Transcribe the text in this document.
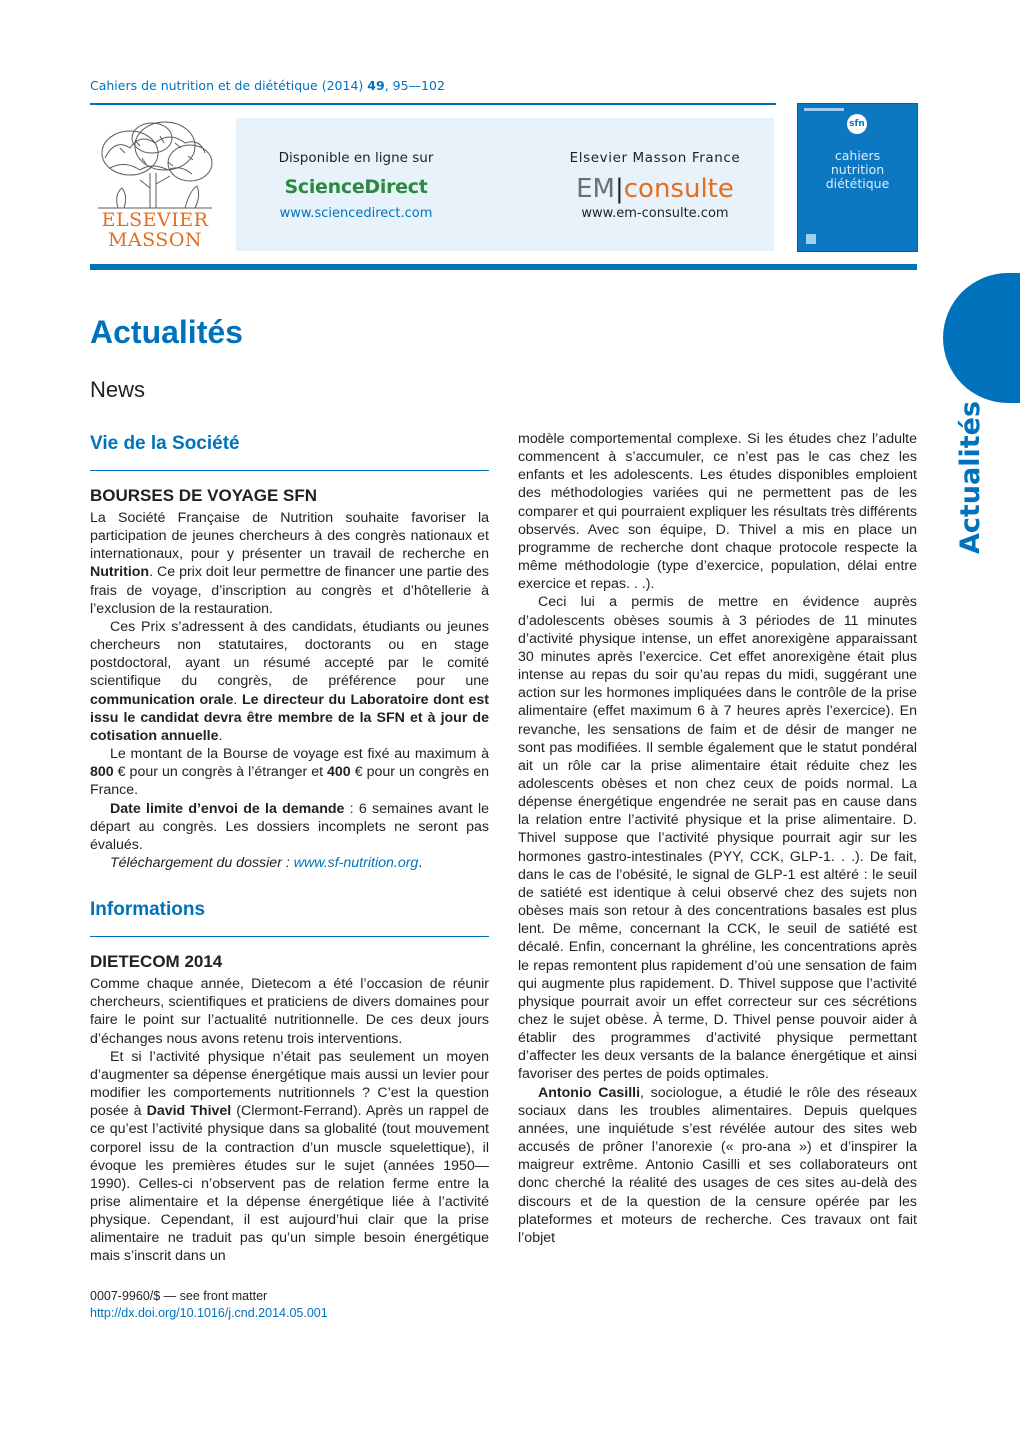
Cahiers de nutrition et de diététique (2014) 49, 95—102
ELSEVIER
MASSON
Disponible en ligne sur
ScienceDirect
www.sciencedirect.com
Elsevier Masson France
EM|consulte
www.em-consulte.com
sfn
cahiers
nutrition
diététique
Actualités
Actualités
News
Vie de la Société
BOURSES DE VOYAGE SFN

La Société Française de Nutrition souhaite favoriser la participation de jeunes chercheurs à des congrès nationaux et internationaux, pour y présenter un travail de recherche en Nutrition. Ce prix doit leur permettre de financer une partie des frais de voyage, d’inscription au congrès et d’hôtellerie à l’exclusion de la restauration.

Ces Prix s’adressent à des candidats, étudiants ou jeunes chercheurs non statutaires, doctorants ou en stage postdoctoral, ayant un résumé accepté par le comité scientifique du congrès, de préférence pour une communication orale. Le directeur du Laboratoire dont est issu le candidat devra être membre de la SFN et à jour de cotisation annuelle.

Le montant de la Bourse de voyage est fixé au maximum à 800 € pour un congrès à l’étranger et 400 € pour un congrès en France.

Date limite d’envoi de la demande : 6 semaines avant le départ au congrès. Les dossiers incomplets ne seront pas évalués.

Téléchargement du dossier : www.sf-nutrition.org.

Informations
DIETECOM 2014

Comme chaque année, Dietecom a été l’occasion de réunir chercheurs, scientifiques et praticiens de divers domaines pour faire le point sur l’actualité nutritionnelle. De ces deux jours d’échanges nous avons retenu trois interventions.

Et si l’activité physique n’était pas seulement un moyen d’augmenter sa dépense énergétique mais aussi un levier pour modifier les comportements nutritionnels ? C’est la question posée à David Thivel (Clermont-Ferrand). Après un rappel de ce qu’est l’activité physique dans sa globalité (tout mouvement corporel issu de la contraction d’un muscle squelettique), il évoque les premières études sur le sujet (années 1950—1990). Celles-ci n’observent pas de relation ferme entre la prise alimentaire et la dépense énergétique liée à l’activité physique. Cependant, il est aujourd’hui clair que la prise alimentaire ne traduit pas qu’un simple besoin énergétique mais s’inscrit dans un

modèle comportemental complexe. Si les études chez l’adulte commencent à s’accumuler, ce n’est pas le cas chez les enfants et les adolescents. Les études disponibles emploient des méthodologies variées qui ne permettent pas de les comparer et qui pourraient expliquer les résultats très différents observés. Avec son équipe, D. Thivel a mis en place un programme de recherche dont chaque protocole respecte la même méthodologie (type d’exercice, population, délai entre exercice et repas. . .).

Ceci lui a permis de mettre en évidence auprès d’adolescents obèses soumis à 3 périodes de 11 minutes d’activité physique intense, un effet anorexigène apparaissant 30 minutes après l’exercice. Cet effet anorexigène était plus intense au repas du soir qu’au repas du midi, suggérant une action sur les hormones impliquées dans le contrôle de la prise alimentaire (effet maximum 6 à 7 heures après l’exercice). En revanche, les sensations de faim et de désir de manger ne sont pas modifiées. Il semble également que le statut pondéral ait un rôle car la prise alimentaire était réduite chez les adolescents obèses et non chez ceux de poids normal. La dépense énergétique engendrée ne serait pas en cause dans la relation entre l’activité physique et la prise alimentaire. D. Thivel suppose que l’activité physique pourrait agir sur les hormones gastro-intestinales (PYY, CCK, GLP-1. . .). De fait, dans le cas de l’obésité, le signal de GLP-1 est altéré : le seuil de satiété est identique à celui observé chez des sujets non obèses mais son retour à des concentrations basales est plus lent. De même, concernant la CCK, le seuil de satiété est décalé. Enfin, concernant la ghréline, les concentrations après le repas remontent plus rapidement d’où une sensation de faim qui augmente plus rapidement. D. Thivel suppose que l’activité physique pourrait avoir un effet correcteur sur ces sécrétions chez le sujet obèse. À terme, D. Thivel pense pouvoir aider à établir des programmes d’activité physique permettant d’affecter les deux versants de la balance énergétique et ainsi favoriser des pertes de poids optimales.

Antonio Casilli, sociologue, a étudié le rôle des réseaux sociaux dans les troubles alimentaires. Depuis quelques années, une inquiétude s’est révélée autour des sites web accusés de prôner l’anorexie (« pro-ana ») et d’inspirer la maigreur extrême. Antonio Casilli et ses collaborateurs ont donc cherché la réalité des usages de ces sites au-delà des discours et de la question de la censure opérée par les plateformes et moteurs de recherche. Ces travaux ont fait l’objet

0007-9960/$ — see front matter
http://dx.doi.org/10.1016/j.cnd.2014.05.001
